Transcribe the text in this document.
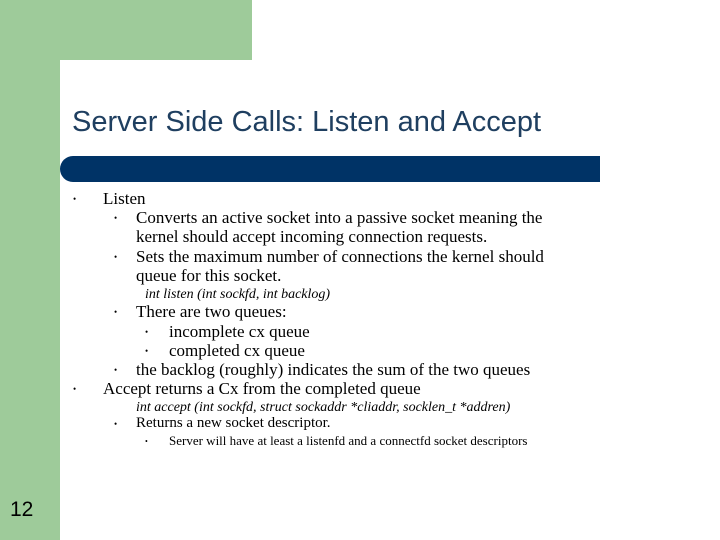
12
Server Side Calls: Listen and Accept
• Listen
• Converts an active socket into a passive socket meaning the
kernel should accept incoming connection requests.
• Sets the maximum number of connections the kernel should
queue for this socket.
int listen (int sockfd, int backlog)
• There are two queues:
• incomplete cx queue
• completed cx queue
• the backlog (roughly) indicates the sum of the two queues
• Accept returns a Cx from the completed queue
int accept (int sockfd, struct sockaddr *cliaddr, socklen_t *addren)
• Returns a new socket descriptor.
• Server will have at least a listenfd and a connectfd socket descriptors
